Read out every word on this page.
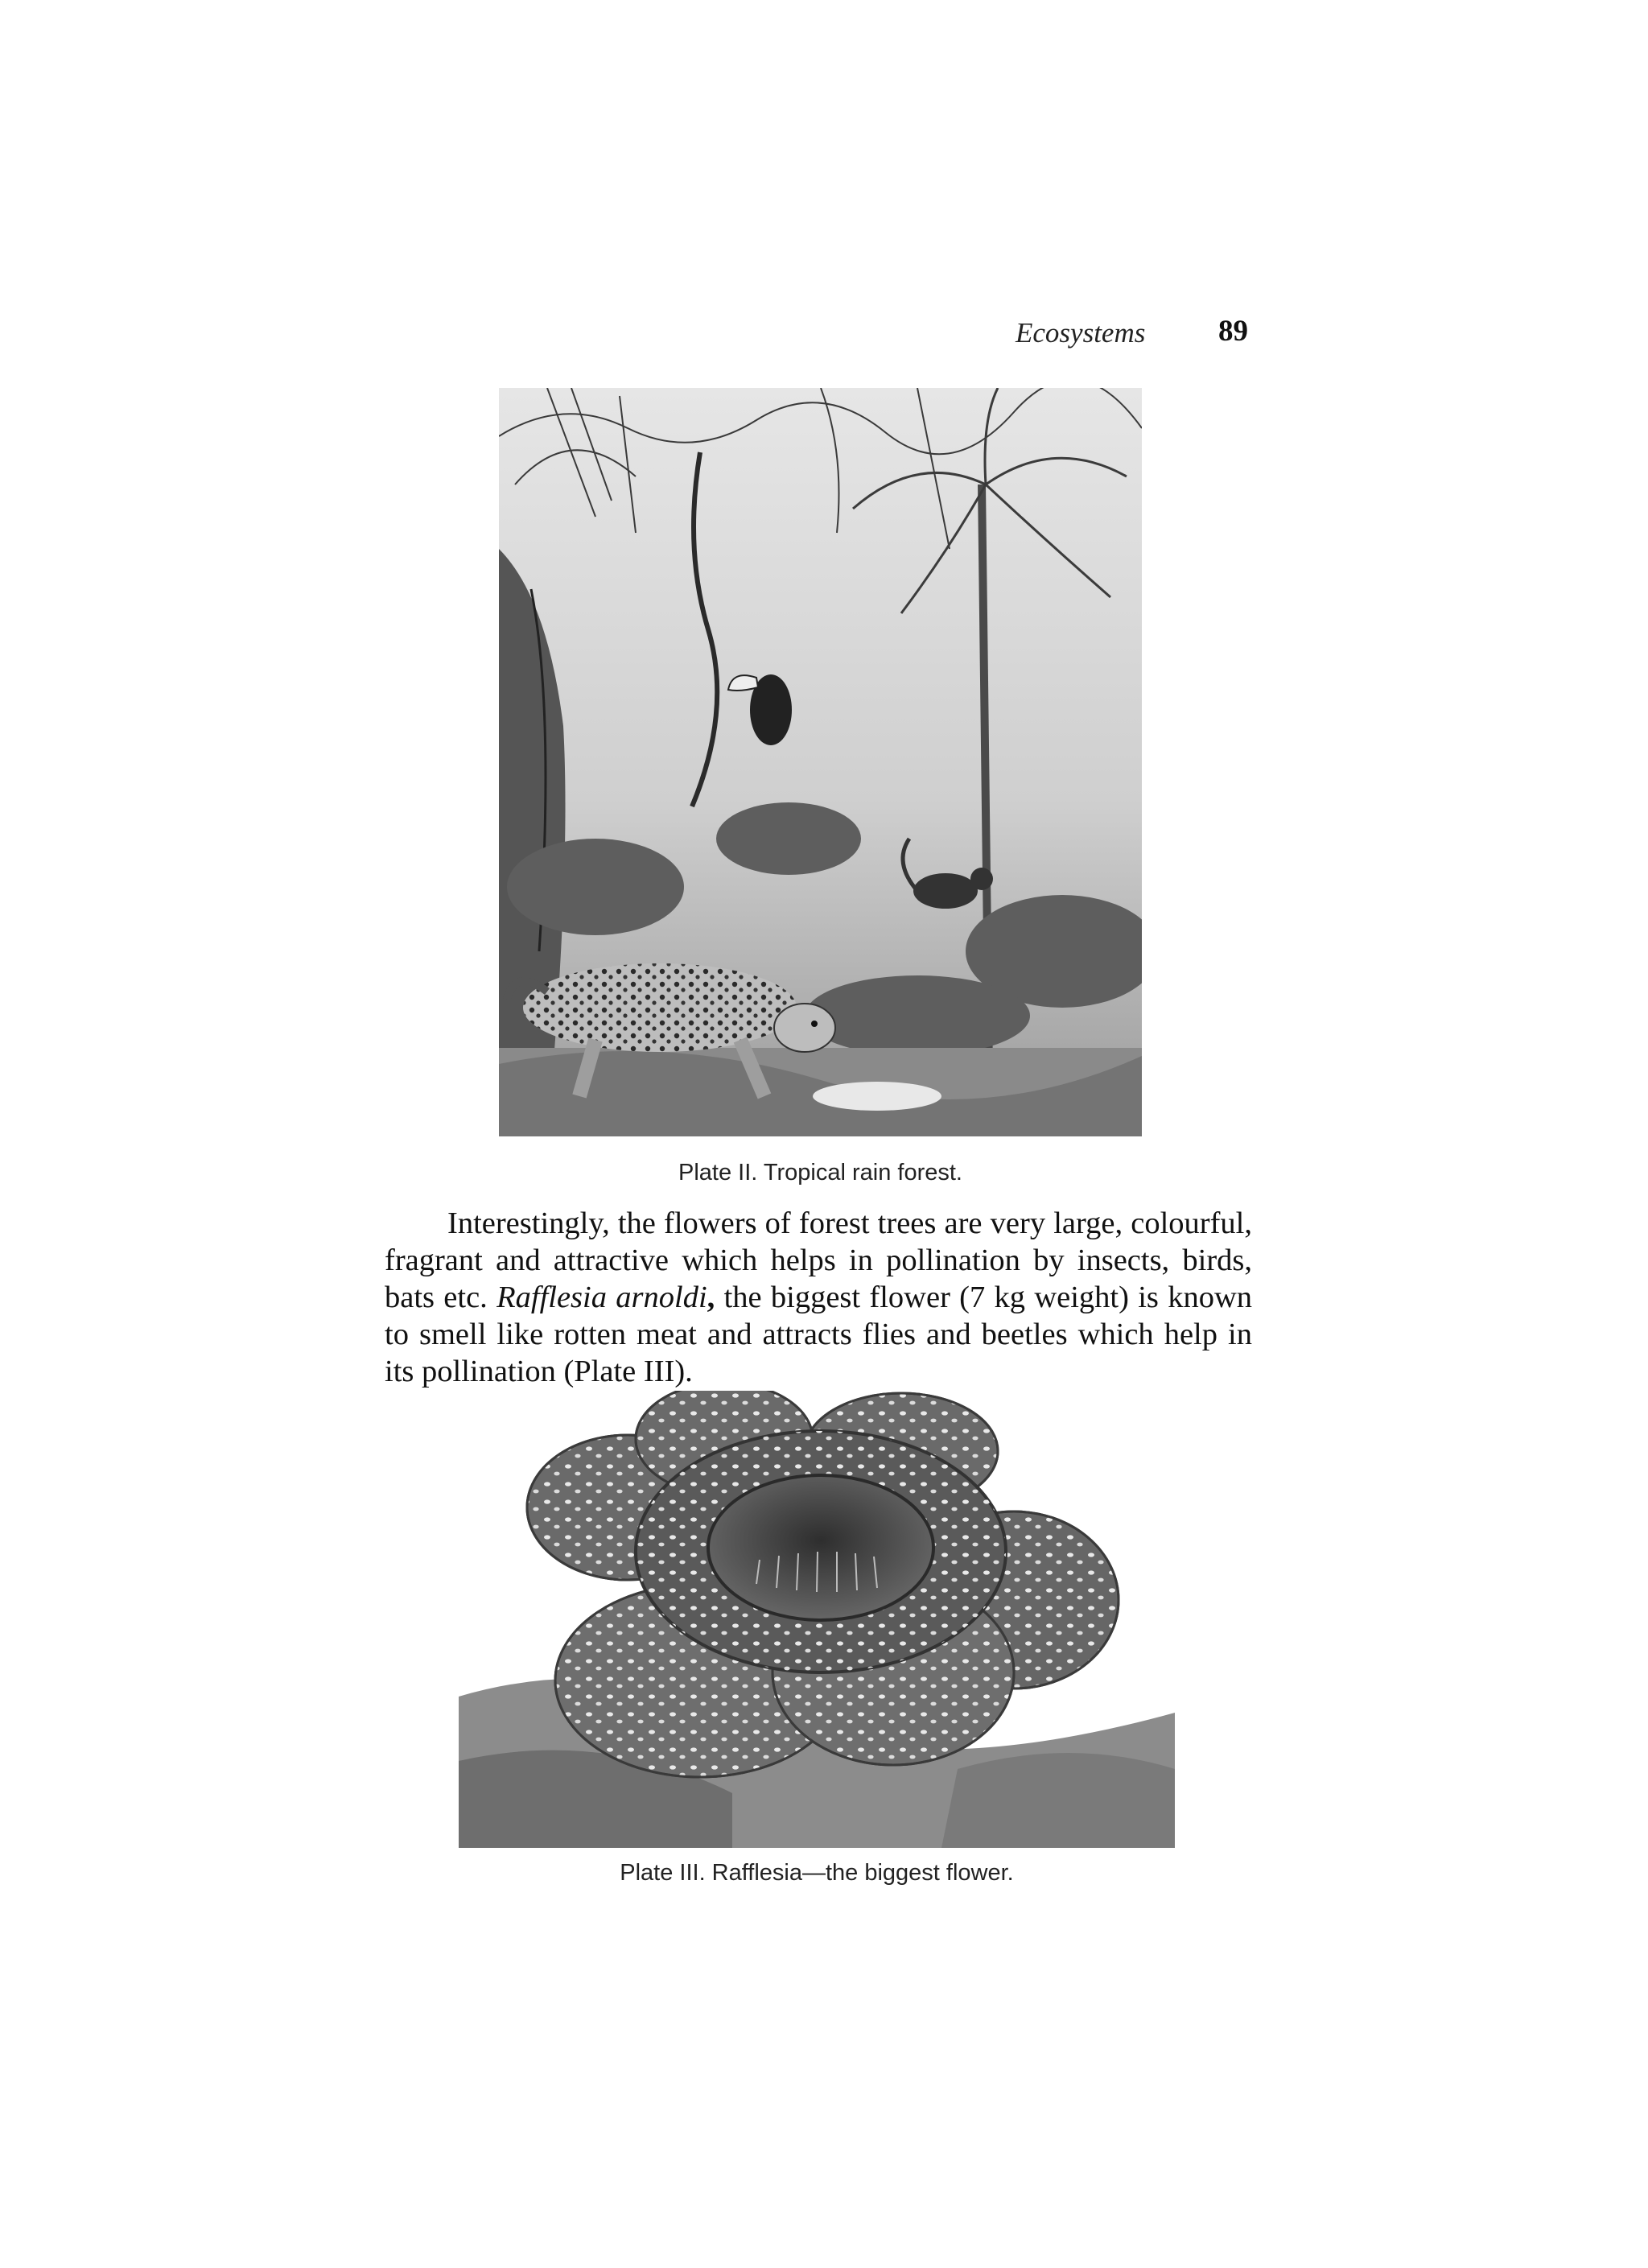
Ecosystems 89
Plate II. Tropical rain forest.

Interestingly, the flowers of forest trees are very large, colourful, fragrant and attractive which helps in pollination by insects, birds, bats etc. Rafflesia arnoldi, the biggest flower (7 kg weight) is known to smell like rotten meat and attracts flies and beetles which help in its pollination (Plate III).

Plate III. Rafflesia—the biggest flower.
